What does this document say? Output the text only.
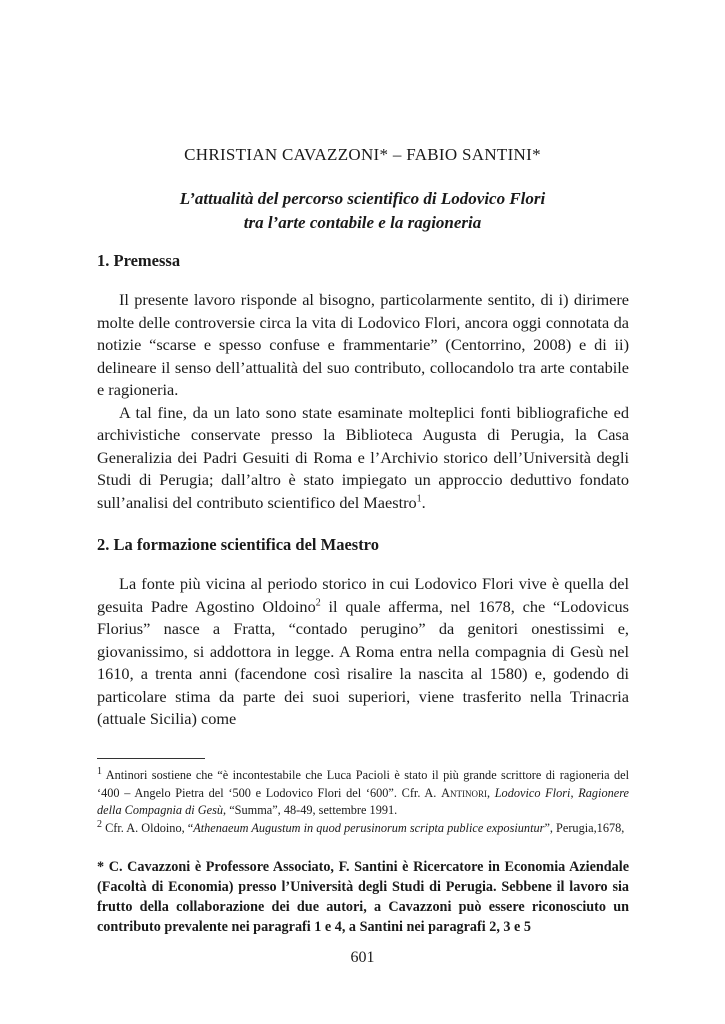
CHRISTIAN CAVAZZONI* – FABIO SANTINI*
L’attualità del percorso scientifico di Lodovico Flori
tra l’arte contabile e la ragioneria
1. Premessa

Il presente lavoro risponde al bisogno, particolarmente sentito, di i) dirimere molte delle controversie circa la vita di Lodovico Flori, ancora oggi connotata da notizie “scarse e spesso confuse e frammentarie” (Centorrino, 2008) e di ii) delineare il senso dell’attualità del suo contributo, collocandolo tra arte contabile e ragioneria.

A tal fine, da un lato sono state esaminate molteplici fonti bibliografiche ed archivistiche conservate presso la Biblioteca Augusta di Perugia, la Casa Generalizia dei Padri Gesuiti di Roma e l’Archivio storico dell’Università degli Studi di Perugia; dall’altro è stato impiegato un approccio deduttivo fondato sull’analisi del contributo scientifico del Maestro$^1$.

2. La formazione scientifica del Maestro

La fonte più vicina al periodo storico in cui Lodovico Flori vive è quella del gesuita Padre Agostino Oldoino$^2$ il quale afferma, nel 1678, che “Lodovicus Florius” nasce a Fratta, “contado perugino” da genitori onestissimi e, giovanissimo, si addottora in legge. A Roma entra nella compagnia di Gesù nel 1610, a trenta anni (facendone così risalire la nascita al 1580) e, godendo di particolare stima da parte dei suoi superiori, viene trasferito nella Trinacria (attuale Sicilia) come

$^1$ Antinori sostiene che “è incontestabile che Luca Pacioli è stato il più grande scrittore di ragioneria del ‘400 – Angelo Pietra del ‘500 e Lodovico Flori del ‘600”. Cfr. A. Antinori, Lodovico Flori, Ragionere della Compagnia di Gesù, “Summa”, 48-49, settembre 1991.

$^2$ Cfr. A. Oldoino, “Athenaeum Augustum in quod perusinorum scripta publice exposiuntur”, Perugia,1678,

* C. Cavazzoni è Professore Associato, F. Santini è Ricercatore in Economia Aziendale (Facoltà di Economia) presso l’Università degli Studi di Perugia. Sebbene il lavoro sia frutto della collaborazione dei due autori, a Cavazzoni può essere riconosciuto un contributo prevalente nei paragrafi 1 e 4, a Santini nei paragrafi 2, 3 e 5
601
